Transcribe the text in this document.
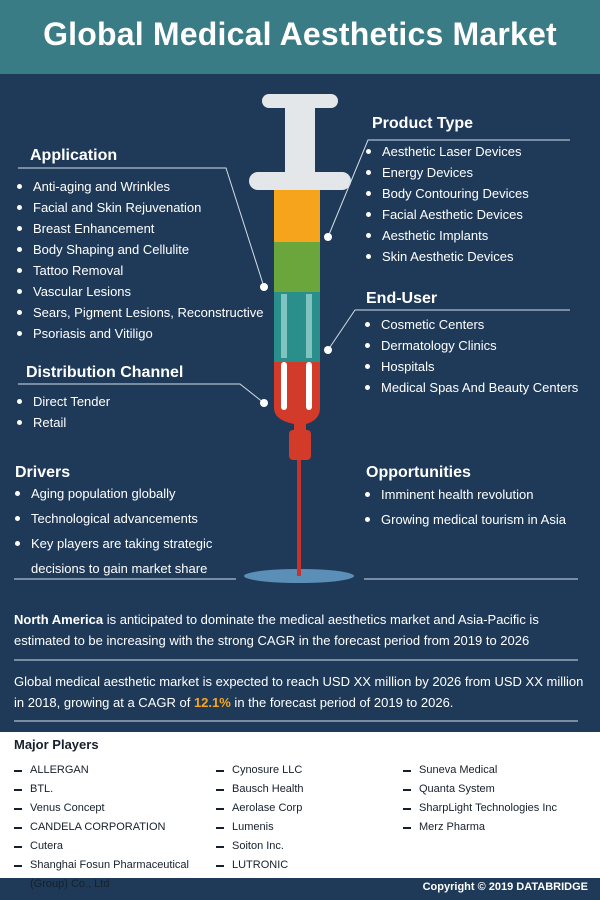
Global Medical Aesthetics Market
Application
Anti-aging and Wrinkles
Facial and Skin Rejuvenation
Breast Enhancement
Body Shaping and Cellulite
Tattoo Removal
Vascular Lesions
Sears, Pigment Lesions, Reconstructive
Psoriasis and Vitiligo
Product Type
Aesthetic Laser Devices
Energy Devices
Body Contouring Devices
Facial Aesthetic Devices
Aesthetic Implants
Skin Aesthetic Devices
End-User
Cosmetic Centers
Dermatology Clinics
Hospitals
Medical Spas And Beauty Centers
Distribution Channel
Direct Tender
Retail
Drivers
Aging population globally
Technological advancements
Key players are taking strategic
decisions to gain market share
Opportunities
Imminent health revolution
Growing medical tourism in Asia
North America is anticipated to dominate the medical aesthetics market and Asia-Pacific is estimated to be increasing with the strong CAGR in the forecast period from 2019 to 2026
Global medical aesthetic market is expected to reach USD XX million by 2026 from USD XX million in 2018, growing at a CAGR of 12.1% in the forecast period of 2019 to 2026.
Major Players
ALLERGAN
BTL.
Venus Concept
CANDELA CORPORATION
Cutera
Shanghai Fosun Pharmaceutical
(Group) Co., Ltd
Cynosure LLC
Bausch Health
Aerolase Corp
Lumenis
Soiton Inc.
LUTRONIC
Suneva Medical
Quanta System
SharpLight Technologies Inc
Merz Pharma
Copyright © 2019 DATABRIDGE
